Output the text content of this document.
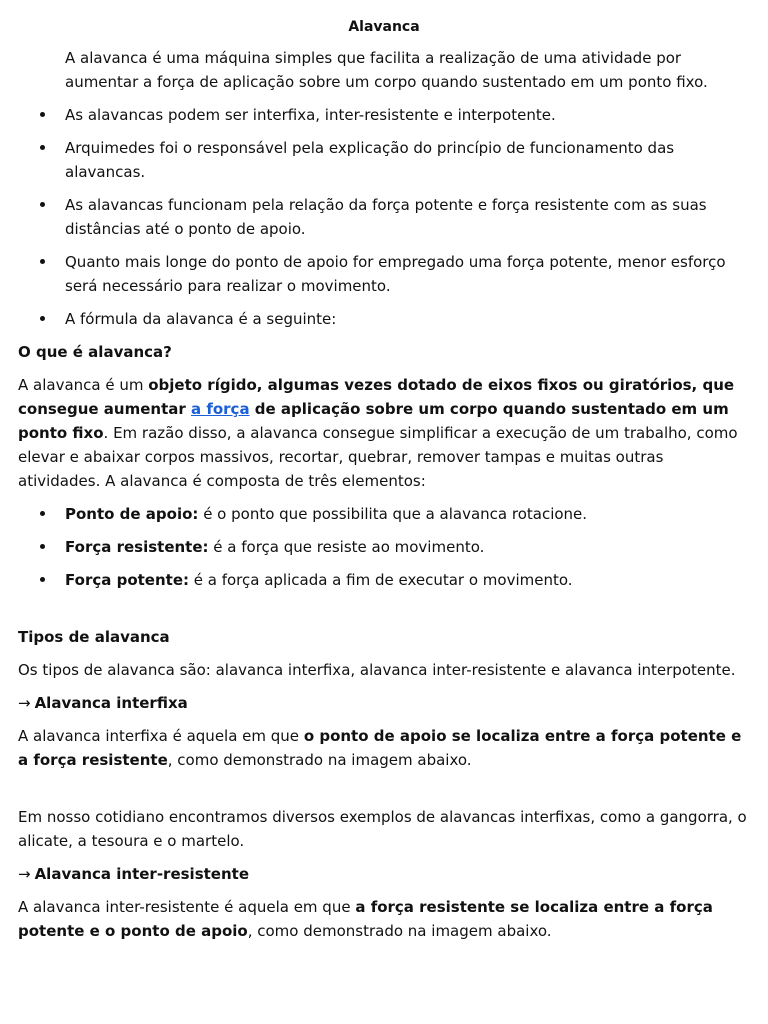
Alavanca

A alavanca é uma máquina simples que facilita a realização de uma atividade por aumentar a força de aplicação sobre um corpo quando sustentado em um ponto fixo.

As alavancas podem ser interfixa, inter-resistente e interpotente.
Arquimedes foi o responsável pela explicação do princípio de funcionamento das alavancas.
As alavancas funcionam pela relação da força potente e força resistente com as suas distâncias até o ponto de apoio.
Quanto mais longe do ponto de apoio for empregado uma força potente, menor esforço será necessário para realizar o movimento.
A fórmula da alavanca é a seguinte:
O que é alavanca?

A alavanca é um objeto rígido, algumas vezes dotado de eixos fixos ou giratórios, que consegue aumentar a força de aplicação sobre um corpo quando sustentado em um ponto fixo. Em razão disso, a alavanca consegue simplificar a execução de um trabalho, como elevar e abaixar corpos massivos, recortar, quebrar, remover tampas e muitas outras atividades. A alavanca é composta de três elementos:

Ponto de apoio: é o ponto que possibilita que a alavanca rotacione.
Força resistente: é a força que resiste ao movimento.
Força potente: é a força aplicada a fim de executar o movimento.
Tipos de alavanca

Os tipos de alavanca são: alavanca interfixa, alavanca inter-resistente e alavanca interpotente.

→ Alavanca interfixa

A alavanca interfixa é aquela em que o ponto de apoio se localiza entre a força potente e a força resistente, como demonstrado na imagem abaixo.

Em nosso cotidiano encontramos diversos exemplos de alavancas interfixas, como a gangorra, o alicate, a tesoura e o martelo.

→ Alavanca inter-resistente

A alavanca inter-resistente é aquela em que a força resistente se localiza entre a força potente e o ponto de apoio, como demonstrado na imagem abaixo.
